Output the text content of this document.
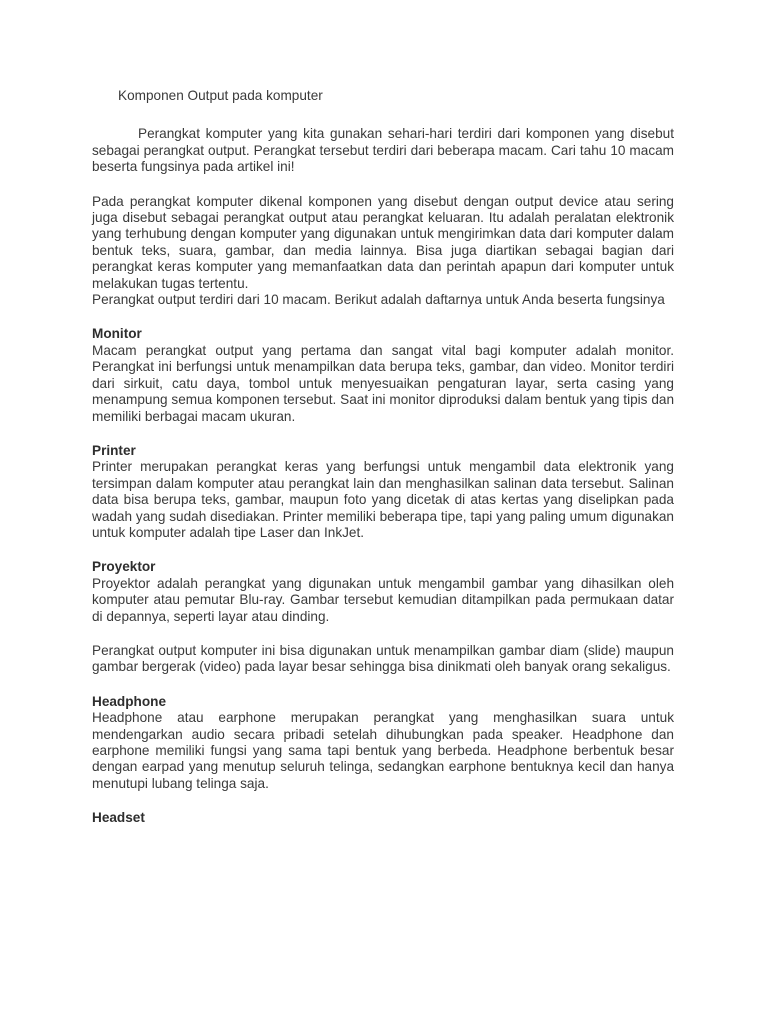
Komponen Output pada komputer

Perangkat komputer yang kita gunakan sehari-hari terdiri dari komponen yang disebut sebagai perangkat output. Perangkat tersebut terdiri dari beberapa macam. Cari tahu 10 macam beserta fungsinya pada artikel ini!

Pada perangkat komputer dikenal komponen yang disebut dengan output device atau sering juga disebut sebagai perangkat output atau perangkat keluaran. Itu adalah peralatan elektronik yang terhubung dengan komputer yang digunakan untuk mengirimkan data dari komputer dalam bentuk teks, suara, gambar, dan media lainnya. Bisa juga diartikan sebagai bagian dari perangkat keras komputer yang memanfaatkan data dan perintah apapun dari komputer untuk melakukan tugas tertentu.

Perangkat output terdiri dari 10 macam. Berikut adalah daftarnya untuk Anda beserta fungsinya

Monitor

Macam perangkat output yang pertama dan sangat vital bagi komputer adalah monitor. Perangkat ini berfungsi untuk menampilkan data berupa teks, gambar, dan video. Monitor terdiri dari sirkuit, catu daya, tombol untuk menyesuaikan pengaturan layar, serta casing yang menampung semua komponen tersebut. Saat ini monitor diproduksi dalam bentuk yang tipis dan memiliki berbagai macam ukuran.

Printer

Printer merupakan perangkat keras yang berfungsi untuk mengambil data elektronik yang tersimpan dalam komputer atau perangkat lain dan menghasilkan salinan data tersebut. Salinan data bisa berupa teks, gambar, maupun foto yang dicetak di atas kertas yang diselipkan pada wadah yang sudah disediakan. Printer memiliki beberapa tipe, tapi yang paling umum digunakan untuk komputer adalah tipe Laser dan InkJet.

Proyektor

Proyektor adalah perangkat yang digunakan untuk mengambil gambar yang dihasilkan oleh komputer atau pemutar Blu-ray. Gambar tersebut kemudian ditampilkan pada permukaan datar di depannya, seperti layar atau dinding.

Perangkat output komputer ini bisa digunakan untuk menampilkan gambar diam (slide) maupun gambar bergerak (video) pada layar besar sehingga bisa dinikmati oleh banyak orang sekaligus.

Headphone

Headphone atau earphone merupakan perangkat yang menghasilkan suara untuk mendengarkan audio secara pribadi setelah dihubungkan pada speaker. Headphone dan earphone memiliki fungsi yang sama tapi bentuk yang berbeda. Headphone berbentuk besar dengan earpad yang menutup seluruh telinga, sedangkan earphone bentuknya kecil dan hanya menutupi lubang telinga saja.

Headset
